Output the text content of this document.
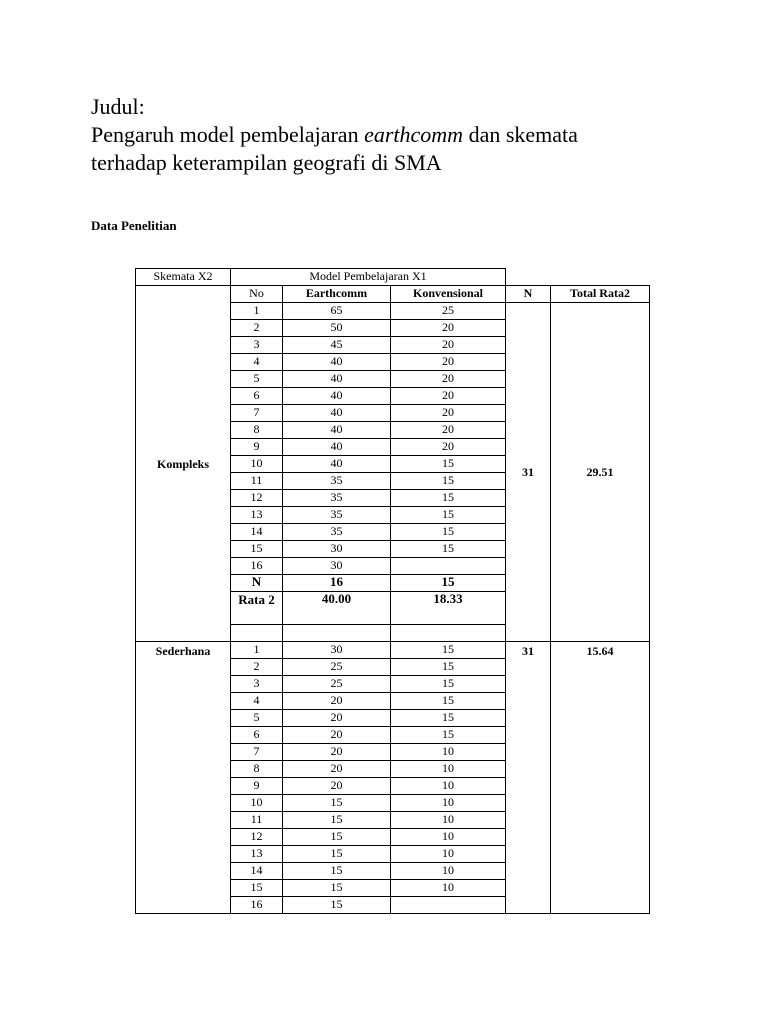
Judul:
Pengaruh model pembelajaran earthcomm dan skemata
terhadap keterampilan geografi di SMA

Data Penelitian

Skemata X2	Model Pembelajaran X1				
Kompleks	No	Earthcomm	Konvensional	N	Total Rata2
	1	65	25	31	29.51
	2	50	20		
	3	45	20		
	4	40	20		
	5	40	20		
	6	40	20		
	7	40	20		
	8	40	20		
	9	40	20		
	10	40	15		
	11	35	15		
	12	35	15		
	13	35	15		
	14	35	15		
	15	30	15		
	16	30			
	N	16	15		
	Rata 2	40.00	18.33		

Sederhana	1	30	15	31	15.64
	2	25	15		
	3	25	15		
	4	20	15		
	5	20	15		
	6	20	15		
	7	20	10		
	8	20	10		
	9	20	10		
	10	15	10		
	11	15	10		
	12	15	10		
	13	15	10		
	14	15	10		
	15	15	10		
	16	15			
